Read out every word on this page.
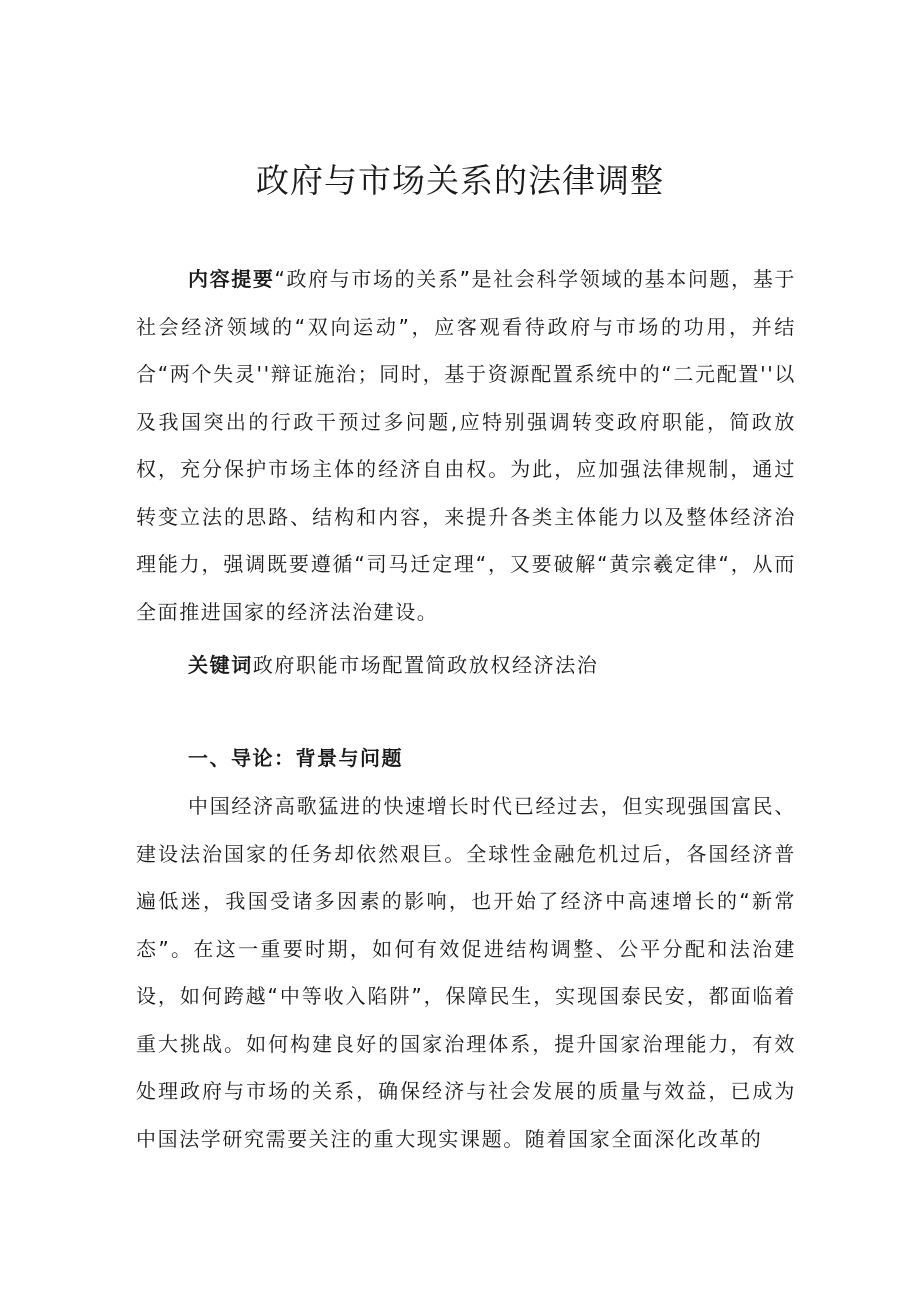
政府与市场关系的法律调整

内容提要“政府与市场的关系”是社会科学领域的基本问题，基于社会经济领域的“双向运动”，应客观看待政府与市场的功用，并结合“两个失灵''辩证施治；同时，基于资源配置系统中的“二元配置''以及我国突出的行政干预过多问题,应特别强调转变政府职能，简政放权，充分保护市场主体的经济自由权。为此，应加强法律规制，通过转变立法的思路、结构和内容，来提升各类主体能力以及整体经济治理能力，强调既要遵循“司马迁定理“，又要破解“黄宗羲定律“，从而全面推进国家的经济法治建设。

关键词政府职能市场配置简政放权经济法治

一、导论：背景与问题

中国经济高歌猛进的快速增长时代已经过去，但实现强国富民、建设法治国家的任务却依然艰巨。全球性金融危机过后，各国经济普遍低迷，我国受诸多因素的影响，也开始了经济中高速增长的“新常态”。在这一重要时期，如何有效促进结构调整、公平分配和法治建设，如何跨越“中等收入陷阱”，保障民生，实现国泰民安，都面临着重大挑战。如何构建良好的国家治理体系，提升国家治理能力，有效处理政府与市场的关系，确保经济与社会发展的质量与效益，已成为中国法学研究需要关注的重大现实课题。随着国家全面深化改革的
